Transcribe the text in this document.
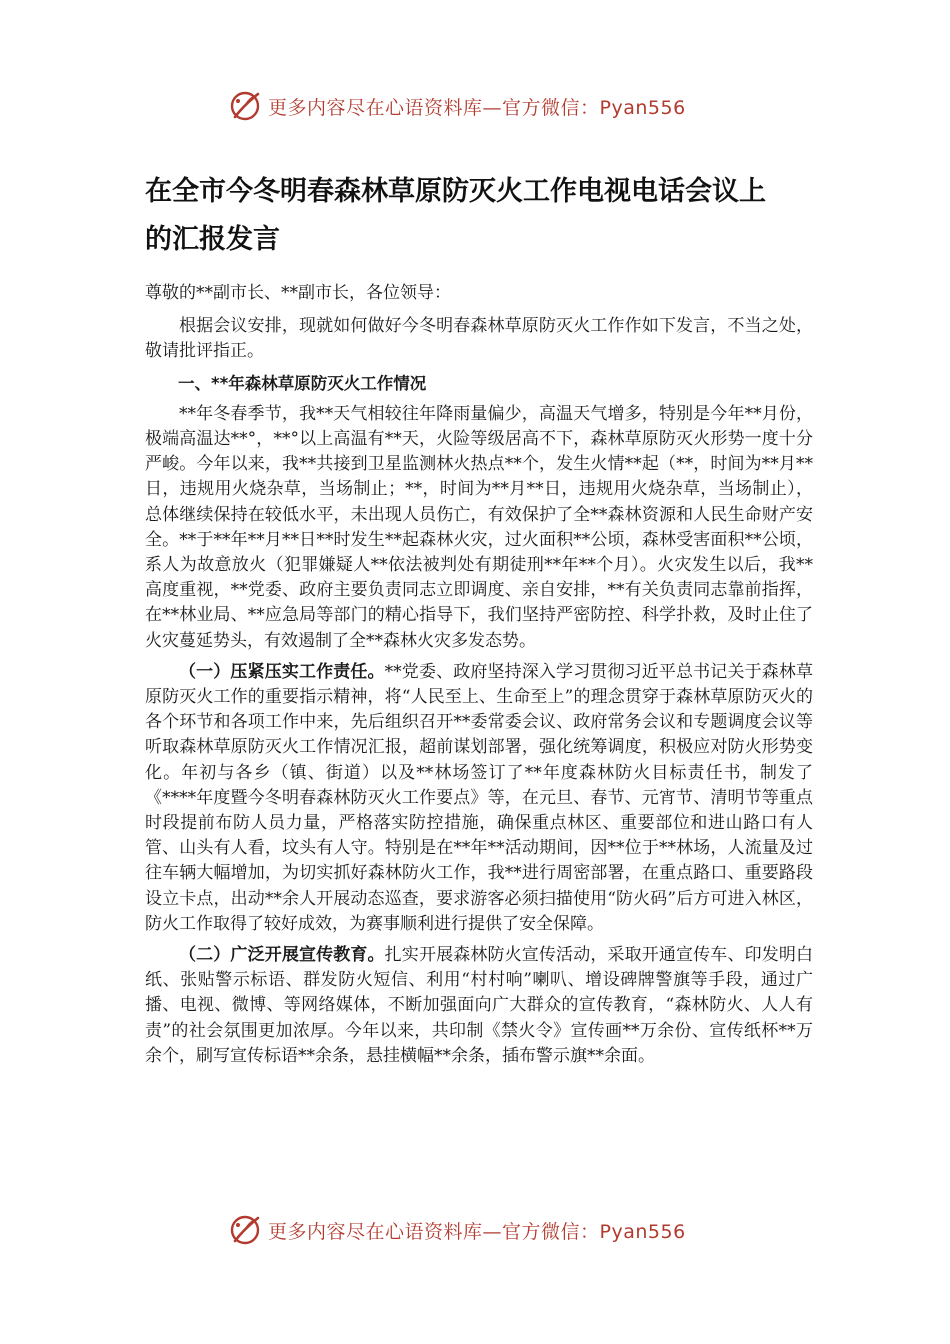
更多内容尽在心语资料库—官方微信：Pyan556
在全市今冬明春森林草原防灭火工作电视电话会议上
的汇报发言

尊敬的**副市长、**副市长，各位领导：

根据会议安排，现就如何做好今冬明春森林草原防灭火工作作如下发言，不当之处，敬请批评指正。

一、**年森林草原防灭火工作情况

**年冬春季节，我**天气相较往年降雨量偏少，高温天气增多，特别是今年**月份，极端高温达**°，**°以上高温有**天，火险等级居高不下，森林草原防灭火形势一度十分严峻。今年以来，我**共接到卫星监测林火热点**个，发生火情**起（**，时间为**月**日，违规用火烧杂草，当场制止；**，时间为**月**日，违规用火烧杂草，当场制止），总体继续保持在较低水平，未出现人员伤亡，有效保护了全**森林资源和人民生命财产安全。**于**年**月**日**时发生**起森林火灾，过火面积**公顷，森林受害面积**公顷，系人为故意放火（犯罪嫌疑人**依法被判处有期徒刑**年**个月）。火灾发生以后，我**高度重视，**党委、政府主要负责同志立即调度、亲自安排，**有关负责同志靠前指挥，在**林业局、**应急局等部门的精心指导下，我们坚持严密防控、科学扑救，及时止住了火灾蔓延势头，有效遏制了全**森林火灾多发态势。

（一）压紧压实工作责任。**党委、政府坚持深入学习贯彻习近平总书记关于森林草原防灭火工作的重要指示精神，将“人民至上、生命至上”的理念贯穿于森林草原防灭火的各个环节和各项工作中来，先后组织召开**委常委会议、政府常务会议和专题调度会议等听取森林草原防灭火工作情况汇报，超前谋划部署，强化统筹调度，积极应对防火形势变化。年初与各乡（镇、街道）以及**林场签订了**年度森林防火目标责任书，制发了《****年度暨今冬明春森林防灭火工作要点》等，在元旦、春节、元宵节、清明节等重点时段提前布防人员力量，严格落实防控措施，确保重点林区、重要部位和进山路口有人管、山头有人看，坟头有人守。特别是在**年**活动期间，因**位于**林场，人流量及过往车辆大幅增加，为切实抓好森林防火工作，我**进行周密部署，在重点路口、重要路段设立卡点，出动**余人开展动态巡查，要求游客必须扫描使用“防火码”后方可进入林区，防火工作取得了较好成效，为赛事顺利进行提供了安全保障。

（二）广泛开展宣传教育。扎实开展森林防火宣传活动，采取开通宣传车、印发明白纸、张贴警示标语、群发防火短信、利用“村村响”喇叭、增设碑牌警旗等手段，通过广播、电视、微博、等网络媒体，不断加强面向广大群众的宣传教育，“森林防火、人人有责”的社会氛围更加浓厚。今年以来，共印制《禁火令》宣传画**万余份、宣传纸杯**万余个，刷写宣传标语**余条，悬挂横幅**余条，插布警示旗**余面。

更多内容尽在心语资料库—官方微信：Pyan556
